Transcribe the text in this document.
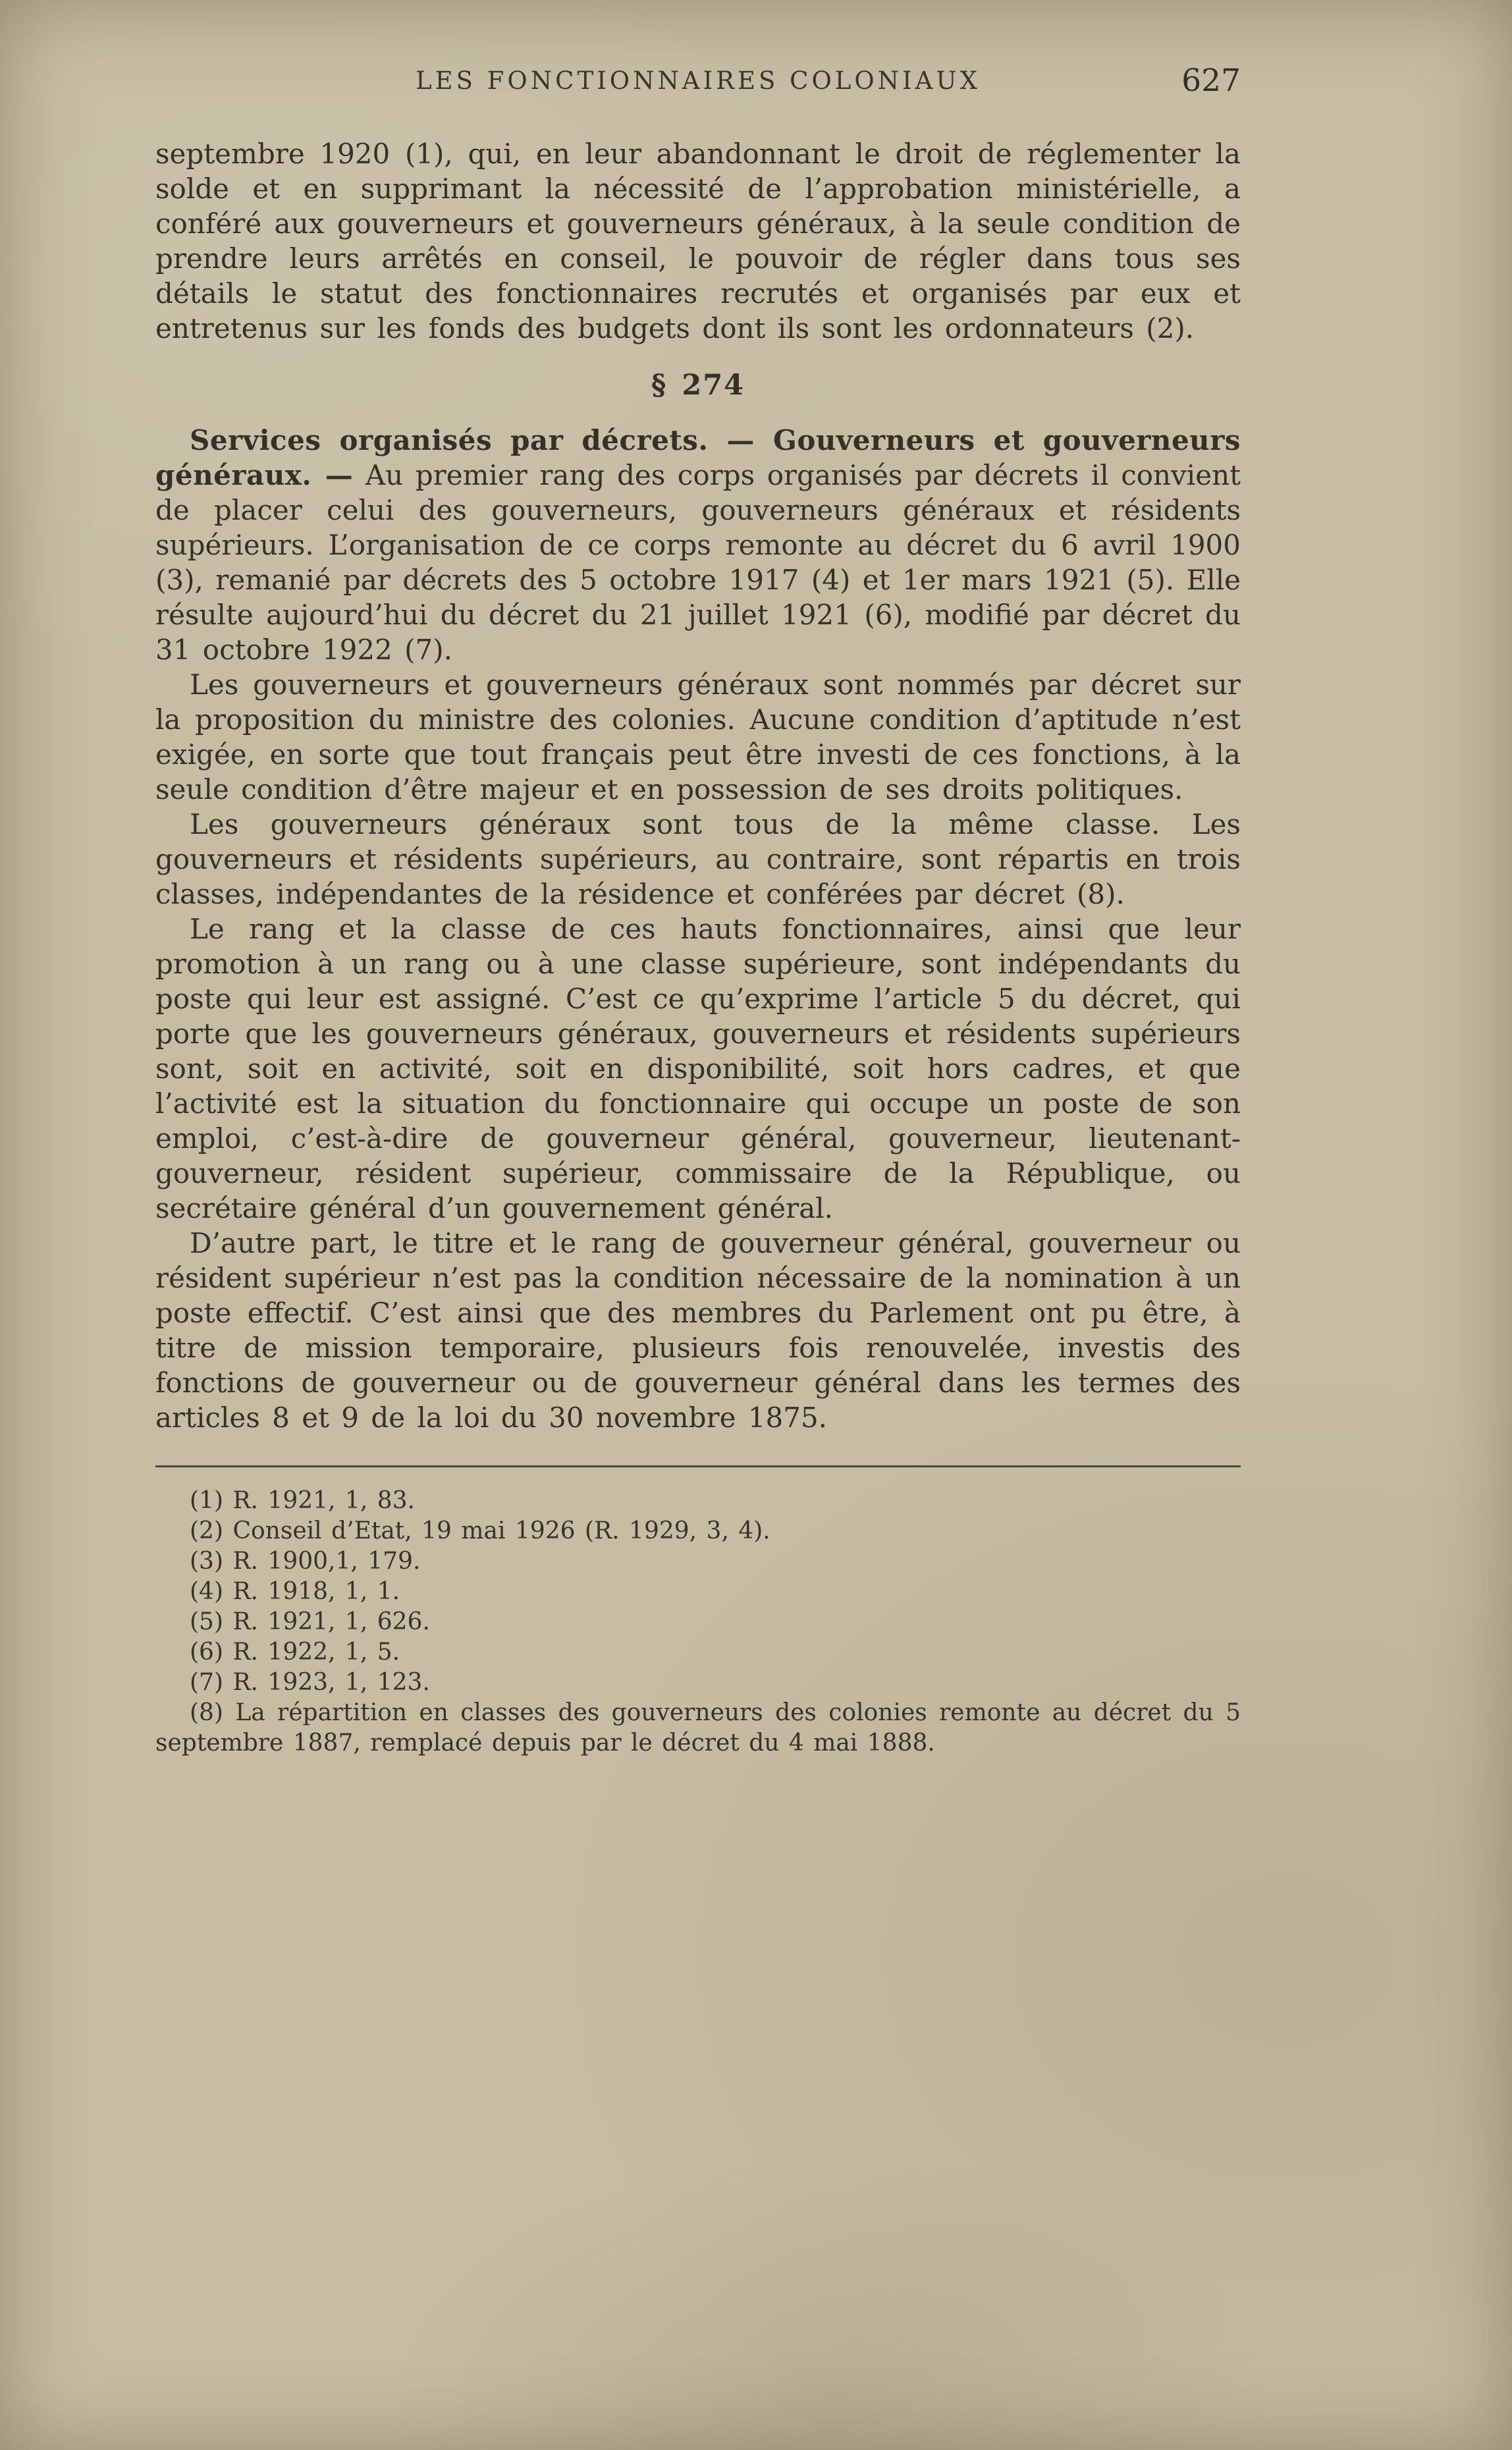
LES FONCTIONNAIRES COLONIAUX	627

septembre 1920 (1), qui, en leur abandonnant le droit de réglementer la solde et en supprimant la nécessité de l’approbation ministérielle, a conféré aux gouverneurs et gouverneurs généraux, à la seule condition de prendre leurs arrêtés en conseil, le pouvoir de régler dans tous ses détails le statut des fonctionnaires recrutés et organisés par eux et entretenus sur les fonds des budgets dont ils sont les ordonnateurs (2).

§ 274

Services organisés par décrets. — Gouverneurs et gouverneurs généraux. — Au premier rang des corps organisés par décrets il convient de placer celui des gouverneurs, gouverneurs généraux et résidents supérieurs. L’organisation de ce corps remonte au décret du 6 avril 1900 (3), remanié par décrets des 5 octobre 1917 (4) et 1er mars 1921 (5). Elle résulte aujourd’hui du décret du 21 juillet 1921 (6), modifié par décret du 31 octobre 1922 (7).

Les gouverneurs et gouverneurs généraux sont nommés par décret sur la proposition du ministre des colonies. Aucune condition d’aptitude n’est exigée, en sorte que tout français peut être investi de ces fonctions, à la seule condition d’être majeur et en possession de ses droits politiques.

Les gouverneurs généraux sont tous de la même classe. Les gouverneurs et résidents supérieurs, au contraire, sont répartis en trois classes, indépendantes de la résidence et conférées par décret (8).

Le rang et la classe de ces hauts fonctionnaires, ainsi que leur promotion à un rang ou à une classe supérieure, sont indépendants du poste qui leur est assigné. C’est ce qu’exprime l’article 5 du décret, qui porte que les gouverneurs généraux, gouverneurs et résidents supérieurs sont, soit en activité, soit en disponibilité, soit hors cadres, et que l’activité est la situation du fonctionnaire qui occupe un poste de son emploi, c’est-à-dire de gouverneur général, gouverneur, lieutenant-gouverneur, résident supérieur, commissaire de la République, ou secrétaire général d’un gouvernement général.

D’autre part, le titre et le rang de gouverneur général, gouverneur ou résident supérieur n’est pas la condition nécessaire de la nomination à un poste effectif. C’est ainsi que des membres du Parlement ont pu être, à titre de mission temporaire, plusieurs fois renouvelée, investis des fonctions de gouverneur ou de gouverneur général dans les termes des articles 8 et 9 de la loi du 30 novembre 1875.

(1) R. 1921, 1, 83.

(2) Conseil d’Etat, 19 mai 1926 (R. 1929, 3, 4).

(3) R. 1900,1, 179.

(4) R. 1918, 1, 1.

(5) R. 1921, 1, 626.

(6) R. 1922, 1, 5.

(7) R. 1923, 1, 123.

(8) La répartition en classes des gouverneurs des colonies remonte au décret du 5 septembre 1887, remplacé depuis par le décret du 4 mai 1888.
